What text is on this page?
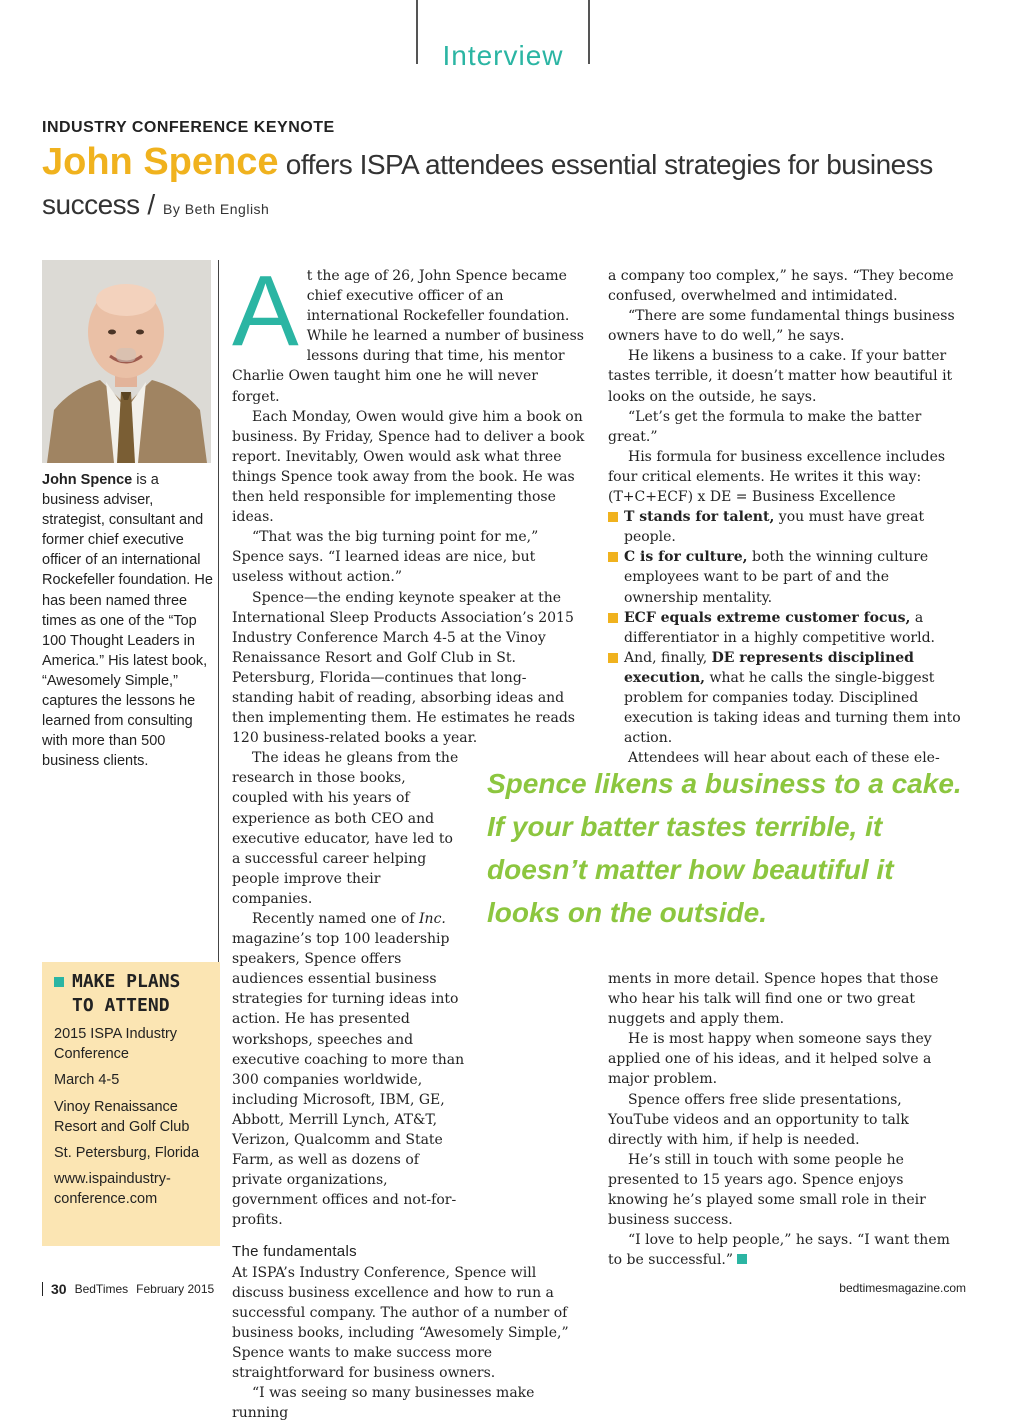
Interview
INDUSTRY CONFERENCE KEYNOTE
John Spence offers ISPA attendees essential strategies for business success / By Beth English
John Spence is a business adviser, strategist, consultant and former chief executive officer of an international Rockefeller foundation. He has been named three times as one of the “Top 100 Thought Leaders in America.” His latest book, “Awesomely Simple,” captures the lessons he learned from consulting with more than 500 business clients.
MAKE PLANS TO ATTEND

2015 ISPA Industry Conference

March 4-5

Vinoy Renaissance Resort and Golf Club

St. Petersburg, Florida

www.ispaindustry-conference.com

At the age of 26, John Spence became chief executive officer of an international Rockefeller foundation. While he learned a number of business lessons during that time, his mentor Charlie Owen taught him one he will never forget.

Each Monday, Owen would give him a book on business. By Friday, Spence had to deliver a book report. Inevitably, Owen would ask what three things Spence took away from the book. He was then held responsible for implementing those ideas.

“That was the big turning point for me,” Spence says. “I learned ideas are nice, but useless without action.”

Spence—the ending keynote speaker at the International Sleep Products Association’s 2015 Industry Conference March 4-5 at the Vinoy Renaissance Resort and Golf Club in St. Petersburg, Florida—continues that long-standing habit of reading, absorbing ideas and then implementing them. He estimates he reads 120 business-related books a year.

The ideas he gleans from the research in those books, coupled with his years of experience as both CEO and executive educator, have led to a successful career helping people improve their companies.

Recently named one of Inc. magazine’s top 100 leadership speakers, Spence offers audiences essential business strategies for turning ideas into action. He has presented workshops, speeches and executive coaching to more than 300 companies worldwide, including Microsoft, IBM, GE, Abbott, Merrill Lynch, AT&T, Verizon, Qualcomm and State Farm, as well as dozens of private organizations, government offices and not-for-profits.

The fundamentals

At ISPA’s Industry Conference, Spence will discuss business excellence and how to run a successful company. The author of a number of business books, including “Awesomely Simple,” Spence wants to make success more straightforward for business owners.

“I was seeing so many businesses make running

a company too complex,” he says. “They become confused, overwhelmed and intimidated.

“There are some fundamental things business owners have to do well,” he says.

He likens a business to a cake. If your batter tastes terrible, it doesn’t matter how beautiful it looks on the outside, he says.

“Let’s get the formula to make the batter great.”

His formula for business excellence includes four critical elements. He writes it this way:

(T+C+ECF) x DE = Business Excellence

T stands for talent, you must have great people.

C is for culture, both the winning culture employees want to be part of and the ownership mentality.

ECF equals extreme customer focus, a differentiator in a highly competitive world.

And, finally, DE represents disciplined execution, what he calls the single-biggest problem for companies today. Disciplined execution is taking ideas and turning them into action.

Attendees will hear about each of these ele-

Spence likens a business to a cake. If your batter tastes terrible, it doesn’t matter how beautiful it looks on the outside.

ments in more detail. Spence hopes that those who hear his talk will find one or two great nuggets and apply them.

He is most happy when someone says they applied one of his ideas, and it helped solve a major problem.

Spence offers free slide presentations, YouTube videos and an opportunity to talk directly with him, if help is needed.

He’s still in touch with some people he presented to 15 years ago. Spence enjoys knowing he’s played some small role in their business success.

“I love to help people,” he says. “I want them to be successful.”

30 BedTimes February 2015	bedtimesmagazine.com
